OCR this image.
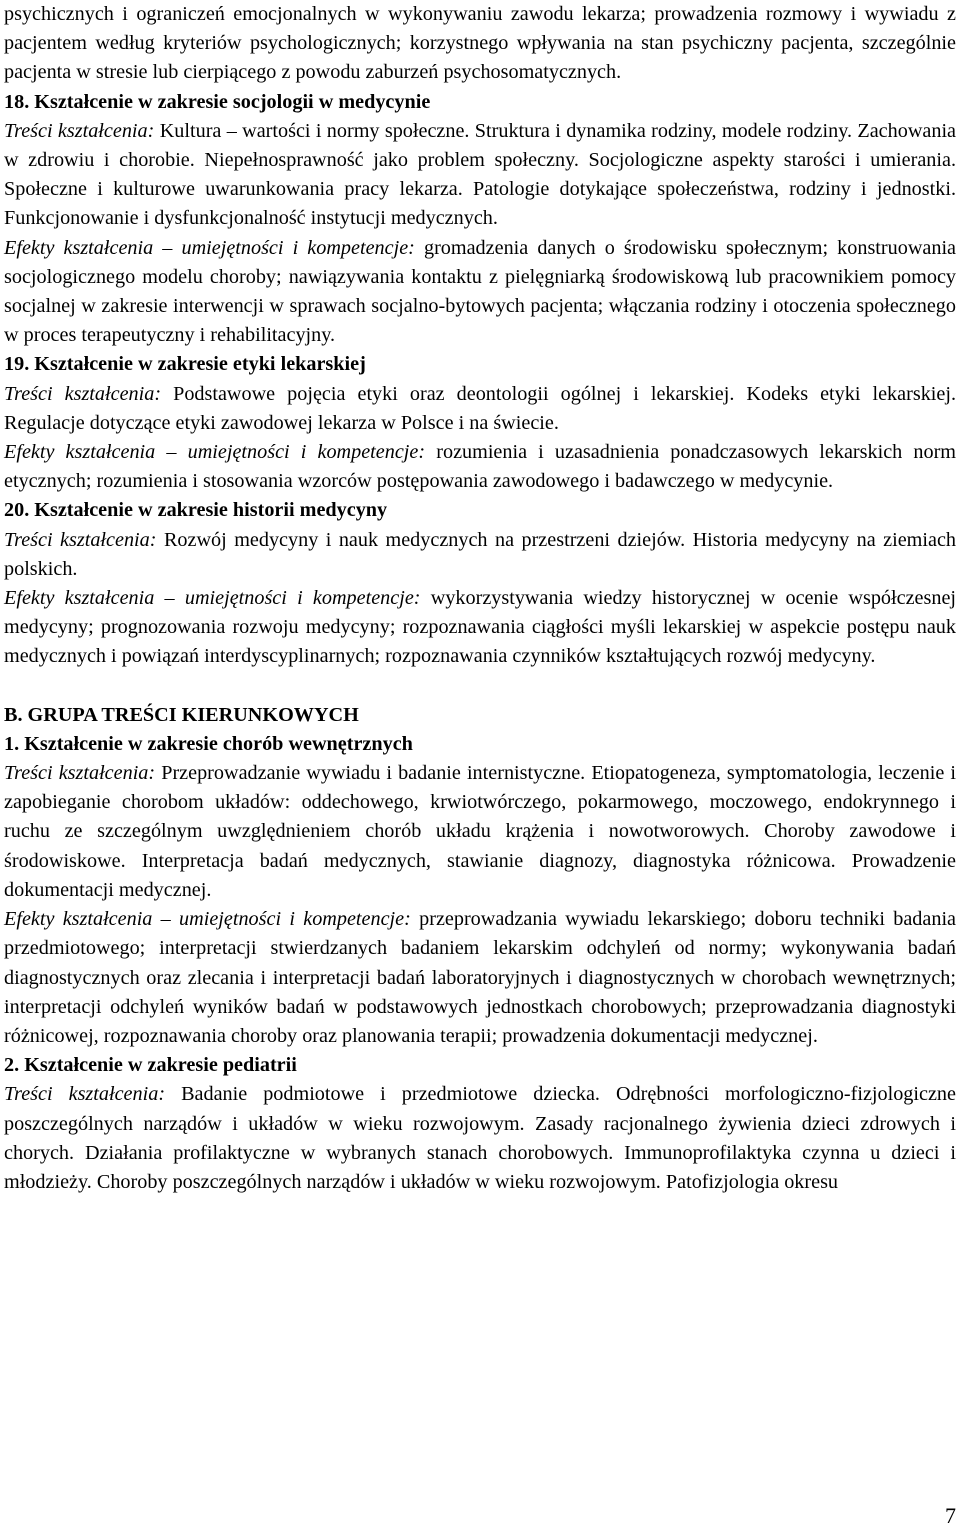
psychicznych i ograniczeń emocjonalnych w wykonywaniu zawodu lekarza; prowadzenia rozmowy i wywiadu z pacjentem według kryteriów psychologicznych; korzystnego wpływania na stan psychiczny pacjenta, szczególnie pacjenta w stresie lub cierpiącego z powodu zaburzeń psychosomatycznych.

18. Kształcenie w zakresie socjologii w medycynie

Treści kształcenia: Kultura – wartości i normy społeczne. Struktura i dynamika rodziny, modele rodziny. Zachowania w zdrowiu i chorobie. Niepełnosprawność jako problem społeczny. Socjologiczne aspekty starości i umierania. Społeczne i kulturowe uwarunkowania pracy lekarza. Patologie dotykające społeczeństwa, rodziny i jednostki. Funkcjonowanie i dysfunkcjonalność instytucji medycznych.

Efekty kształcenia – umiejętności i kompetencje: gromadzenia danych o środowisku społecznym; konstruowania socjologicznego modelu choroby; nawiązywania kontaktu z pielęgniarką środowiskową lub pracownikiem pomocy socjalnej w zakresie interwencji w sprawach socjalno-bytowych pacjenta; włączania rodziny i otoczenia społecznego w proces terapeutyczny i rehabilitacyjny.

19. Kształcenie w zakresie etyki lekarskiej

Treści kształcenia: Podstawowe pojęcia etyki oraz deontologii ogólnej i lekarskiej. Kodeks etyki lekarskiej. Regulacje dotyczące etyki zawodowej lekarza w Polsce i na świecie.

Efekty kształcenia – umiejętności i kompetencje: rozumienia i uzasadnienia ponadczasowych lekarskich norm etycznych; rozumienia i stosowania wzorców postępowania zawodowego i badawczego w medycynie.

20. Kształcenie w zakresie historii medycyny

Treści kształcenia: Rozwój medycyny i nauk medycznych na przestrzeni dziejów. Historia medycyny na ziemiach polskich.

Efekty kształcenia – umiejętności i kompetencje: wykorzystywania wiedzy historycznej w ocenie współczesnej medycyny; prognozowania rozwoju medycyny; rozpoznawania ciągłości myśli lekarskiej w aspekcie postępu nauk medycznych i powiązań interdyscyplinarnych; rozpoznawania czynników kształtujących rozwój medycyny.

B. GRUPA TREŚCI KIERUNKOWYCH

1. Kształcenie w zakresie chorób wewnętrznych

Treści kształcenia: Przeprowadzanie wywiadu i badanie internistyczne. Etiopatogeneza, symptomatologia, leczenie i zapobieganie chorobom układów: oddechowego, krwiotwórczego, pokarmowego, moczowego, endokrynnego i ruchu ze szczególnym uwzględnieniem chorób układu krążenia i nowotworowych. Choroby zawodowe i środowiskowe. Interpretacja badań medycznych, stawianie diagnozy, diagnostyka różnicowa. Prowadzenie dokumentacji medycznej.

Efekty kształcenia – umiejętności i kompetencje: przeprowadzania wywiadu lekarskiego; doboru techniki badania przedmiotowego; interpretacji stwierdzanych badaniem lekarskim odchyleń od normy; wykonywania badań diagnostycznych oraz zlecania i interpretacji badań laboratoryjnych i diagnostycznych w chorobach wewnętrznych; interpretacji odchyleń wyników badań w podstawowych jednostkach chorobowych; przeprowadzania diagnostyki różnicowej, rozpoznawania choroby oraz planowania terapii; prowadzenia dokumentacji medycznej.

2. Kształcenie w zakresie pediatrii

Treści kształcenia: Badanie podmiotowe i przedmiotowe dziecka. Odrębności morfologiczno-fizjologiczne poszczególnych narządów i układów w wieku rozwojowym. Zasady racjonalnego żywienia dzieci zdrowych i chorych. Działania profilaktyczne w wybranych stanach chorobowych. Immunoprofilaktyka czynna u dzieci i młodzieży. Choroby poszczególnych narządów i układów w wieku rozwojowym. Patofizjologia okresu

7
